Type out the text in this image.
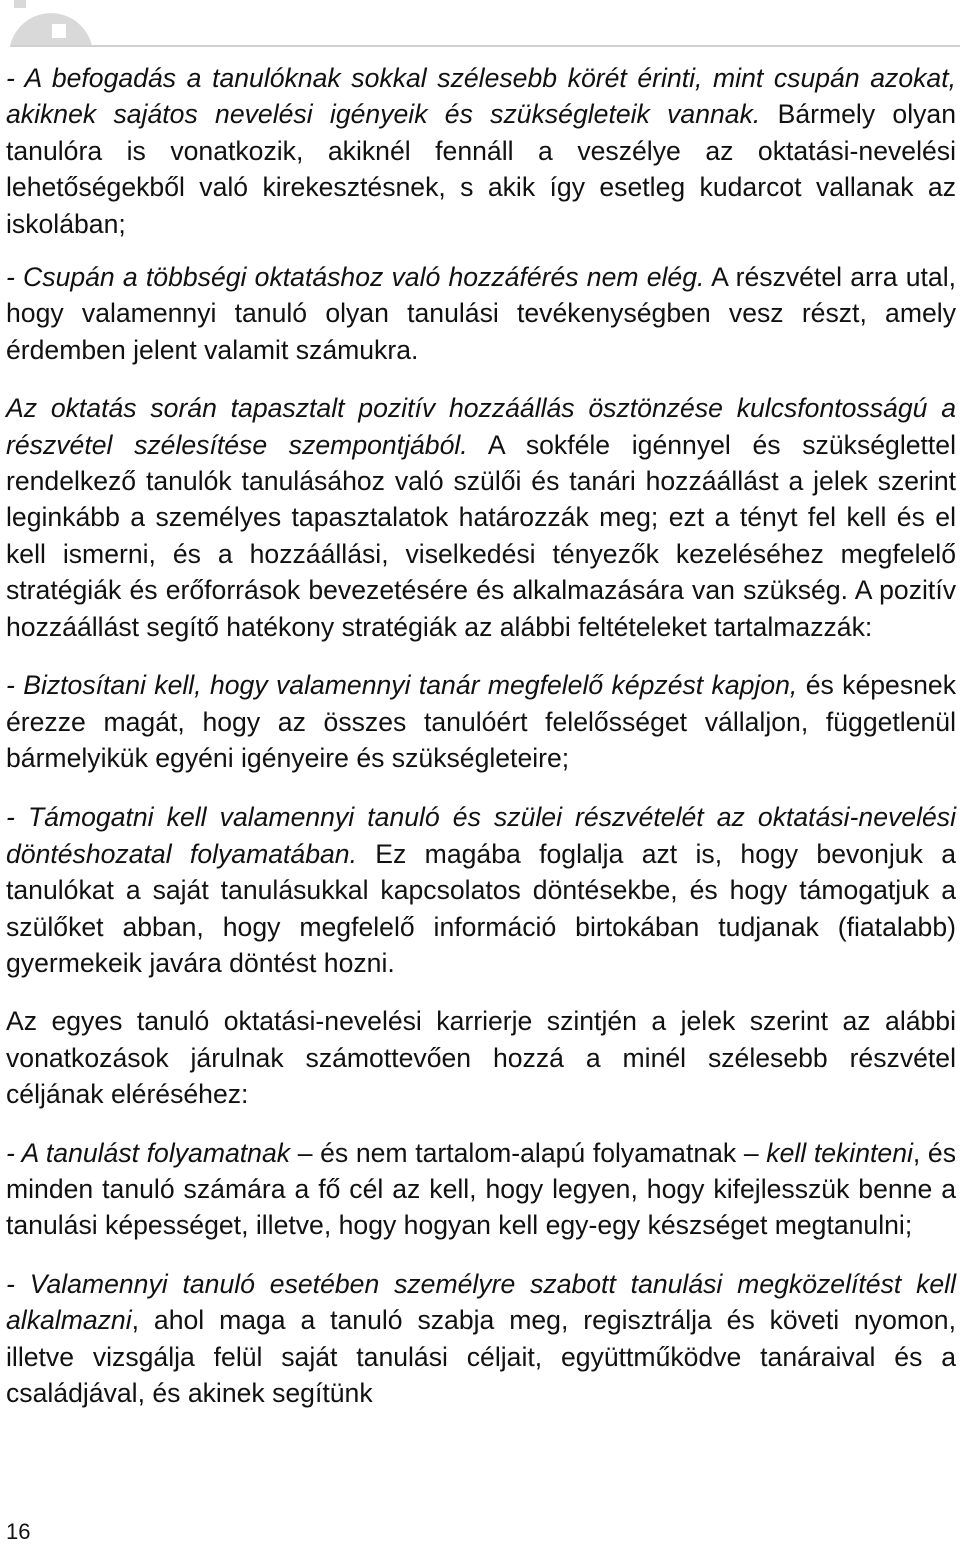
- A befogadás a tanulóknak sokkal szélesebb körét érinti, mint csupán azokat, akiknek sajátos nevelési igényeik és szükségleteik vannak. Bármely olyan tanulóra is vonatkozik, akiknél fennáll a veszélye az oktatási-nevelési lehetőségekből való kirekesztésnek, s akik így esetleg kudarcot vallanak az iskolában;

- Csupán a többségi oktatáshoz való hozzáférés nem elég. A részvétel arra utal, hogy valamennyi tanuló olyan tanulási tevékenységben vesz részt, amely érdemben jelent valamit számukra.

Az oktatás során tapasztalt pozitív hozzáállás ösztönzése kulcsfontosságú a részvétel szélesítése szempontjából. A sokféle igénnyel és szükséglettel rendelkező tanulók tanulásához való szülői és tanári hozzáállást a jelek szerint leginkább a személyes tapasztalatok határozzák meg; ezt a tényt fel kell és el kell ismerni, és a hozzáállási, viselkedési tényezők kezeléséhez megfelelő stratégiák és erőforrások bevezetésére és alkalmazására van szükség. A pozitív hozzáállást segítő hatékony stratégiák az alábbi feltételeket tartalmazzák:

- Biztosítani kell, hogy valamennyi tanár megfelelő képzést kapjon, és képesnek érezze magát, hogy az összes tanulóért felelősséget vállaljon, függetlenül bármelyikük egyéni igényeire és szükségleteire;

- Támogatni kell valamennyi tanuló és szülei részvételét az oktatási-nevelési döntéshozatal folyamatában. Ez magába foglalja azt is, hogy bevonjuk a tanulókat a saját tanulásukkal kapcsolatos döntésekbe, és hogy támogatjuk a szülőket abban, hogy megfelelő információ birtokában tudjanak (fiatalabb) gyermekeik javára döntést hozni.

Az egyes tanuló oktatási-nevelési karrierje szintjén a jelek szerint az alábbi vonatkozások járulnak számottevően hozzá a minél szélesebb részvétel céljának eléréséhez:

- A tanulást folyamatnak – és nem tartalom-alapú folyamatnak – kell tekinteni, és minden tanuló számára a fő cél az kell, hogy legyen, hogy kifejlesszük benne a tanulási képességet, illetve, hogy hogyan kell egy-egy készséget megtanulni;

- Valamennyi tanuló esetében személyre szabott tanulási megközelítést kell alkalmazni, ahol maga a tanuló szabja meg, regisztrálja és követi nyomon, illetve vizsgálja felül saját tanulási céljait, együttműködve tanáraival és a családjával, és akinek segítünk

16
